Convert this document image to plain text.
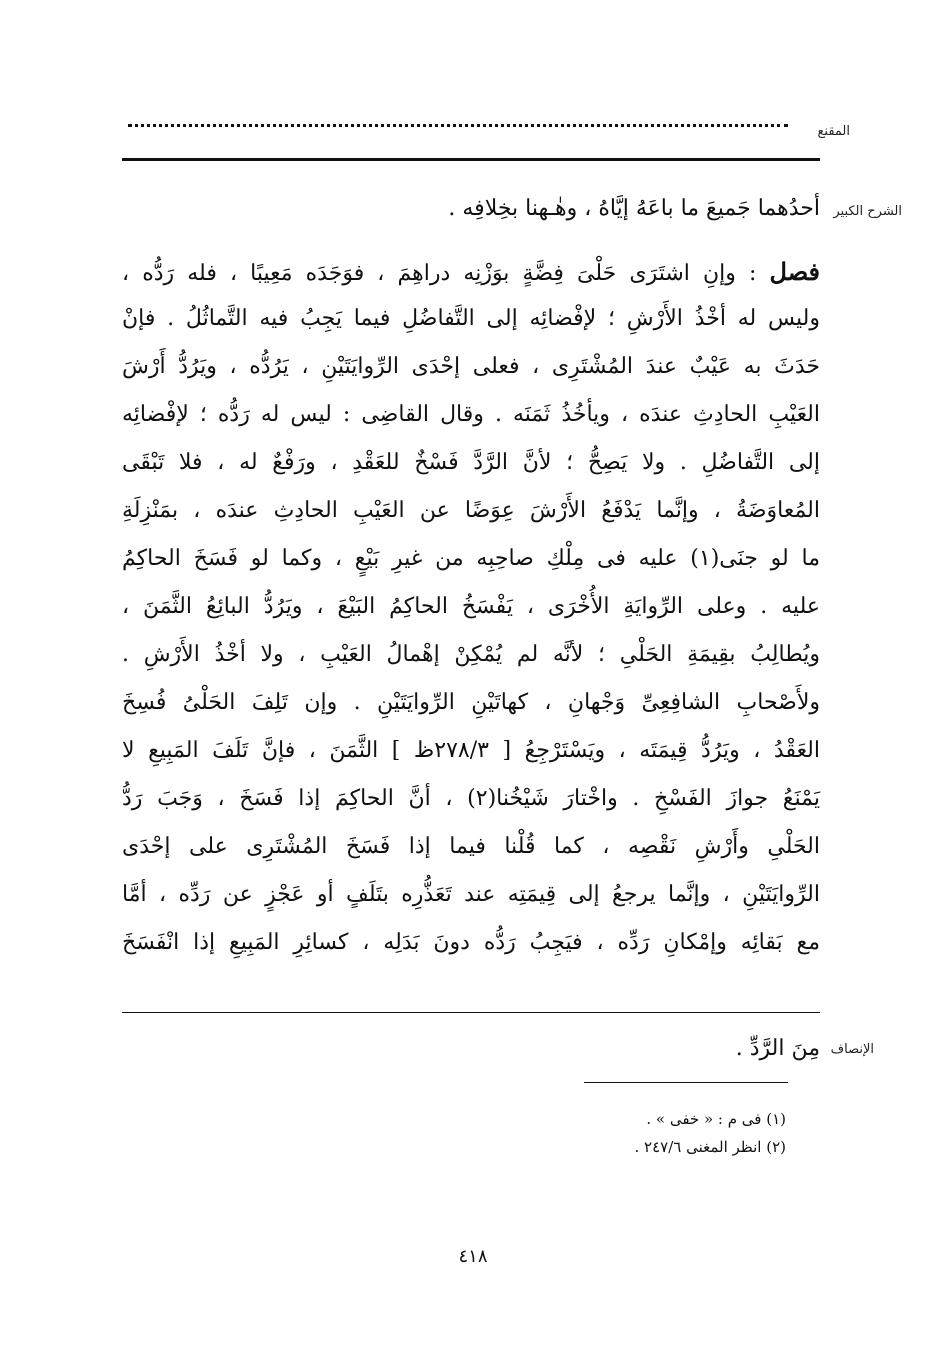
المقنع
الشرح الكبير
أحدُهما جَميعَ ما باعَهُ إيَّاهُ ، وهٰـهنا بخِلافِه .
فصل : وإنِ اشتَرَى حَلْىَ فِضَّةٍ بوَزْنِه دراهِمَ ، فوَجَدَه مَعِيبًا ، فله رَدُّه ،
وليس له أخْذُ الأَرْشِ ؛ لإفْضائِه إلى التَّفاضُلِ فيما يَجِبُ فيه التَّماثُلُ . فإنْ
حَدَثَ به عَيْبٌ عندَ المُشْتَرِى ، فعلى إحْدَى الرِّوايَتَيْنِ ، يَرُدُّه ، ويَرُدُّ أَرْشَ
العَيْبِ الحادِثِ عندَه ، ويأخُذُ ثَمَنَه . وقال القاضِى : ليس له رَدُّه ؛ لإفْضائِه
إلى التَّفاضُلِ . ولا يَصِحُّ ؛ لأنَّ الرَّدَّ فَسْخٌ للعَقْدِ ، ورَفْعٌ له ، فلا تَبْقَى
المُعاوَضَةُ ، وإنَّما يَدْفَعُ الأَرْشَ عِوَضًا عن العَيْبِ الحادِثِ عندَه ، بمَنْزِلَةِ
ما لو جنَى(١) عليه فى مِلْكِ صاحِبِه من غيرِ بَيْعٍ ، وكما لو فَسَخَ الحاكِمُ
عليه . وعلى الرِّوايَةِ الأُخْرَى ، يَفْسَخُ الحاكِمُ البَيْعَ ، ويَرُدُّ البائِعُ الثَّمَنَ ،
ويُطالِبُ بقِيمَةِ الحَلْىِ ؛ لأنَّه لم يُمْكِنْ إهْمالُ العَيْبِ ، ولا أخْذُ الأَرْشِ .
ولأَصْحابِ الشافِعِىِّ وَجْهانِ ، كهاتَيْنِ الرِّوايَتَيْنِ . وإن تَلِفَ الحَلْىُ فُسِخَ
العَقْدُ ، ويَرُدُّ قِيمَتَه ، ويَسْتَرْجِعُ [ ٢٧٨/٣ظ ] الثَّمَنَ ، فإنَّ تَلَفَ المَبِيعِ لا
يَمْنَعُ جوازَ الفَسْخِ . واخْتارَ شَيْخُنا(٢) ، أنَّ الحاكِمَ إذا فَسَخَ ، وَجَبَ رَدُّ
الحَلْىِ وأَرْشِ نَقْصِه ، كما قُلْنا فيما إذا فَسَخَ المُشْتَرِى على إحْدَى
الرِّوايَتَيْنِ ، وإنَّما يرجعُ إلى قِيمَتِه عند تَعَذُّرِه بتَلَفٍ أو عَجْزٍ عن رَدِّه ، أمَّا
مع بَقائِه وإمْكانِ رَدِّه ، فيَجِبُ رَدُّه دونَ بَدَلِه ، كسائِرِ المَبِيعِ إذا انْفَسَخَ
الإنصاف
مِنَ الرَّدِّ .
(١) فى م : « خفى » .
(٢) انظر المغنى ٢٤٧/٦ .
٤١٨
